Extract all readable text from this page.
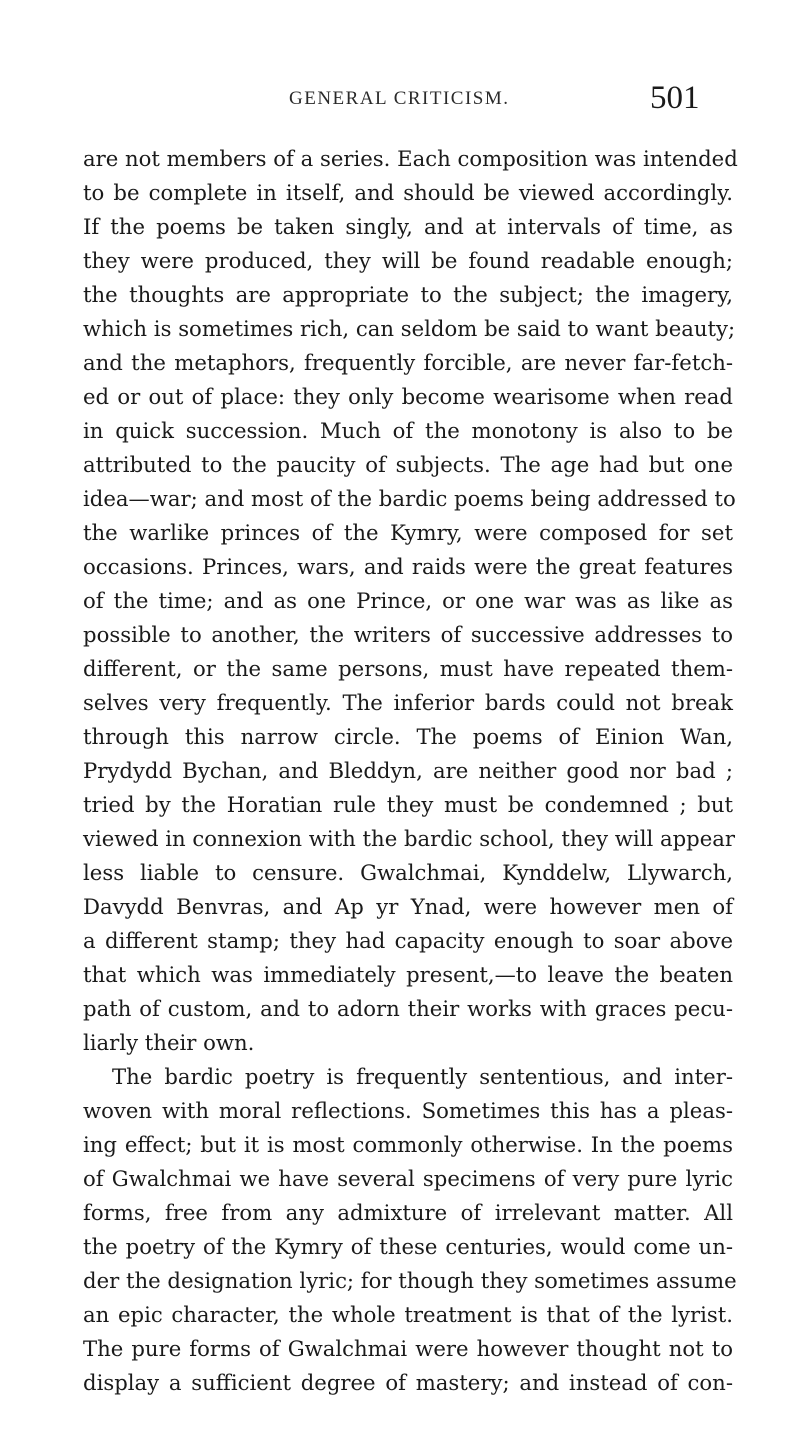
GENERAL CRITICISM.	501
are not members of a series. Each composition was intended
to be complete in itself, and should be viewed accordingly.
If the poems be taken singly, and at intervals of time, as
they were produced, they will be found readable enough;
the thoughts are appropriate to the subject; the imagery,
which is sometimes rich, can seldom be said to want beauty;
and the metaphors, frequently forcible, are never far-fetch-
ed or out of place: they only become wearisome when read
in quick succession. Much of the monotony is also to be
attributed to the paucity of subjects. The age had but one
idea—war; and most of the bardic poems being addressed to
the warlike princes of the Kymry, were composed for set
occasions. Princes, wars, and raids were the great features
of the time; and as one Prince, or one war was as like as
possible to another, the writers of successive addresses to
different, or the same persons, must have repeated them-
selves very frequently. The inferior bards could not break
through this narrow circle. The poems of Einion Wan,
Prydydd Bychan, and Bleddyn, are neither good nor bad ;
tried by the Horatian rule they must be condemned ; but
viewed in connexion with the bardic school, they will appear
less liable to censure. Gwalchmai, Kynddelw, Llywarch,
Davydd Benvras, and Ap yr Ynad, were however men of
a different stamp; they had capacity enough to soar above
that which was immediately present,—to leave the beaten
path of custom, and to adorn their works with graces pecu-
liarly their own.
The bardic poetry is frequently sententious, and inter-
woven with moral reflections. Sometimes this has a pleas-
ing effect; but it is most commonly otherwise. In the poems
of Gwalchmai we have several specimens of very pure lyric
forms, free from any admixture of irrelevant matter. All
the poetry of the Kymry of these centuries, would come un-
der the designation lyric; for though they sometimes assume
an epic character, the whole treatment is that of the lyrist.
The pure forms of Gwalchmai were however thought not to
display a sufficient degree of mastery; and instead of con-
